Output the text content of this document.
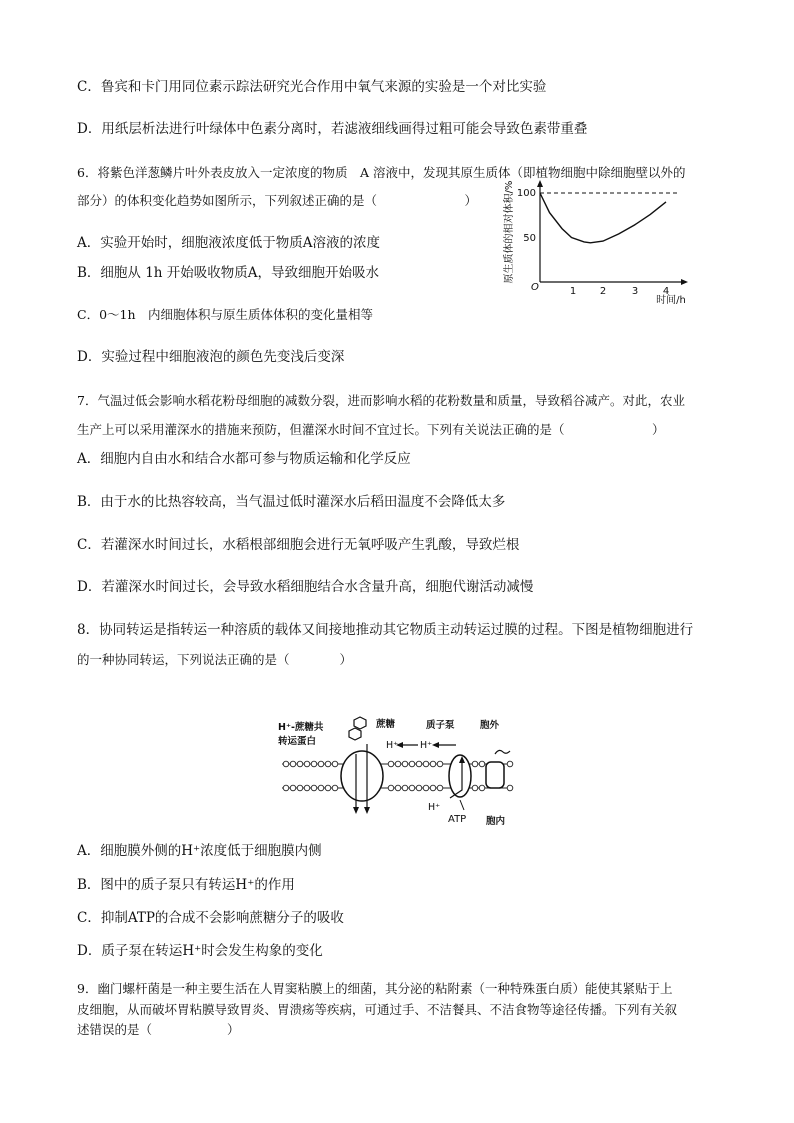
C．鲁宾和卡门用同位素示踪法研究光合作用中氧气来源的实验是一个对比实验
D．用纸层析法进行叶绿体中色素分离时，若滤液细线画得过粗可能会导致色素带重叠
6．将紫色洋葱鳞片叶外表皮放入一定浓度的物质　A 溶液中，发现其原生质体（即植物细胞中除细胞壁以外的
部分）的体积变化趋势如图所示，下列叙述正确的是（　　　　　　　）
A．实验开始时，细胞液浓度低于物质A溶液的浓度
B．细胞从 1h 开始吸收物质A，导致细胞开始吸水
C．0～1h　内细胞体积与原生质体体积的变化量相等
D．实验过程中细胞液泡的颜色先变浅后变深
原生质体的相对体积/%
O
100
50
1 2	3 4
时间/h
7．气温过低会影响水稻花粉母细胞的减数分裂，进而影响水稻的花粉数量和质量，导致稻谷减产。对此，农业
生产上可以采用灌深水的措施来预防，但灌深水时间不宜过长。下列有关说法正确的是（　　　　　　　）
A．细胞内自由水和结合水都可参与物质运输和化学反应
B．由于水的比热容较高，当气温过低时灌深水后稻田温度不会降低太多
C．若灌深水时间过长，水稻根部细胞会进行无氧呼吸产生乳酸，导致烂根
D．若灌深水时间过长，会导致水稻细胞结合水含量升高，细胞代谢活动减慢
8．协同转运是指转运一种溶质的载体又间接地推动其它物质主动转运过膜的过程。下图是植物细胞进行
的一种协同转运，下列说法正确的是（　　　　）
H⁺-蔗糖共
转运蛋白
蔗糖	质子泵	胞外
H⁺ H⁺
H⁺
ATP 胞内
A．细胞膜外侧的H⁺浓度低于细胞膜内侧
B．图中的质子泵只有转运H⁺的作用
C．抑制ATP的合成不会影响蔗糖分子的吸收
D．质子泵在转运H⁺时会发生构象的变化
9．幽门螺杆菌是一种主要生活在人胃窦粘膜上的细菌，其分泌的粘附素（一种特殊蛋白质）能使其紧贴于上
皮细胞，从而破坏胃粘膜导致胃炎、胃溃疡等疾病，可通过手、不洁餐具、不洁食物等途径传播。下列有关叙
述错误的是（　　　　　　）
